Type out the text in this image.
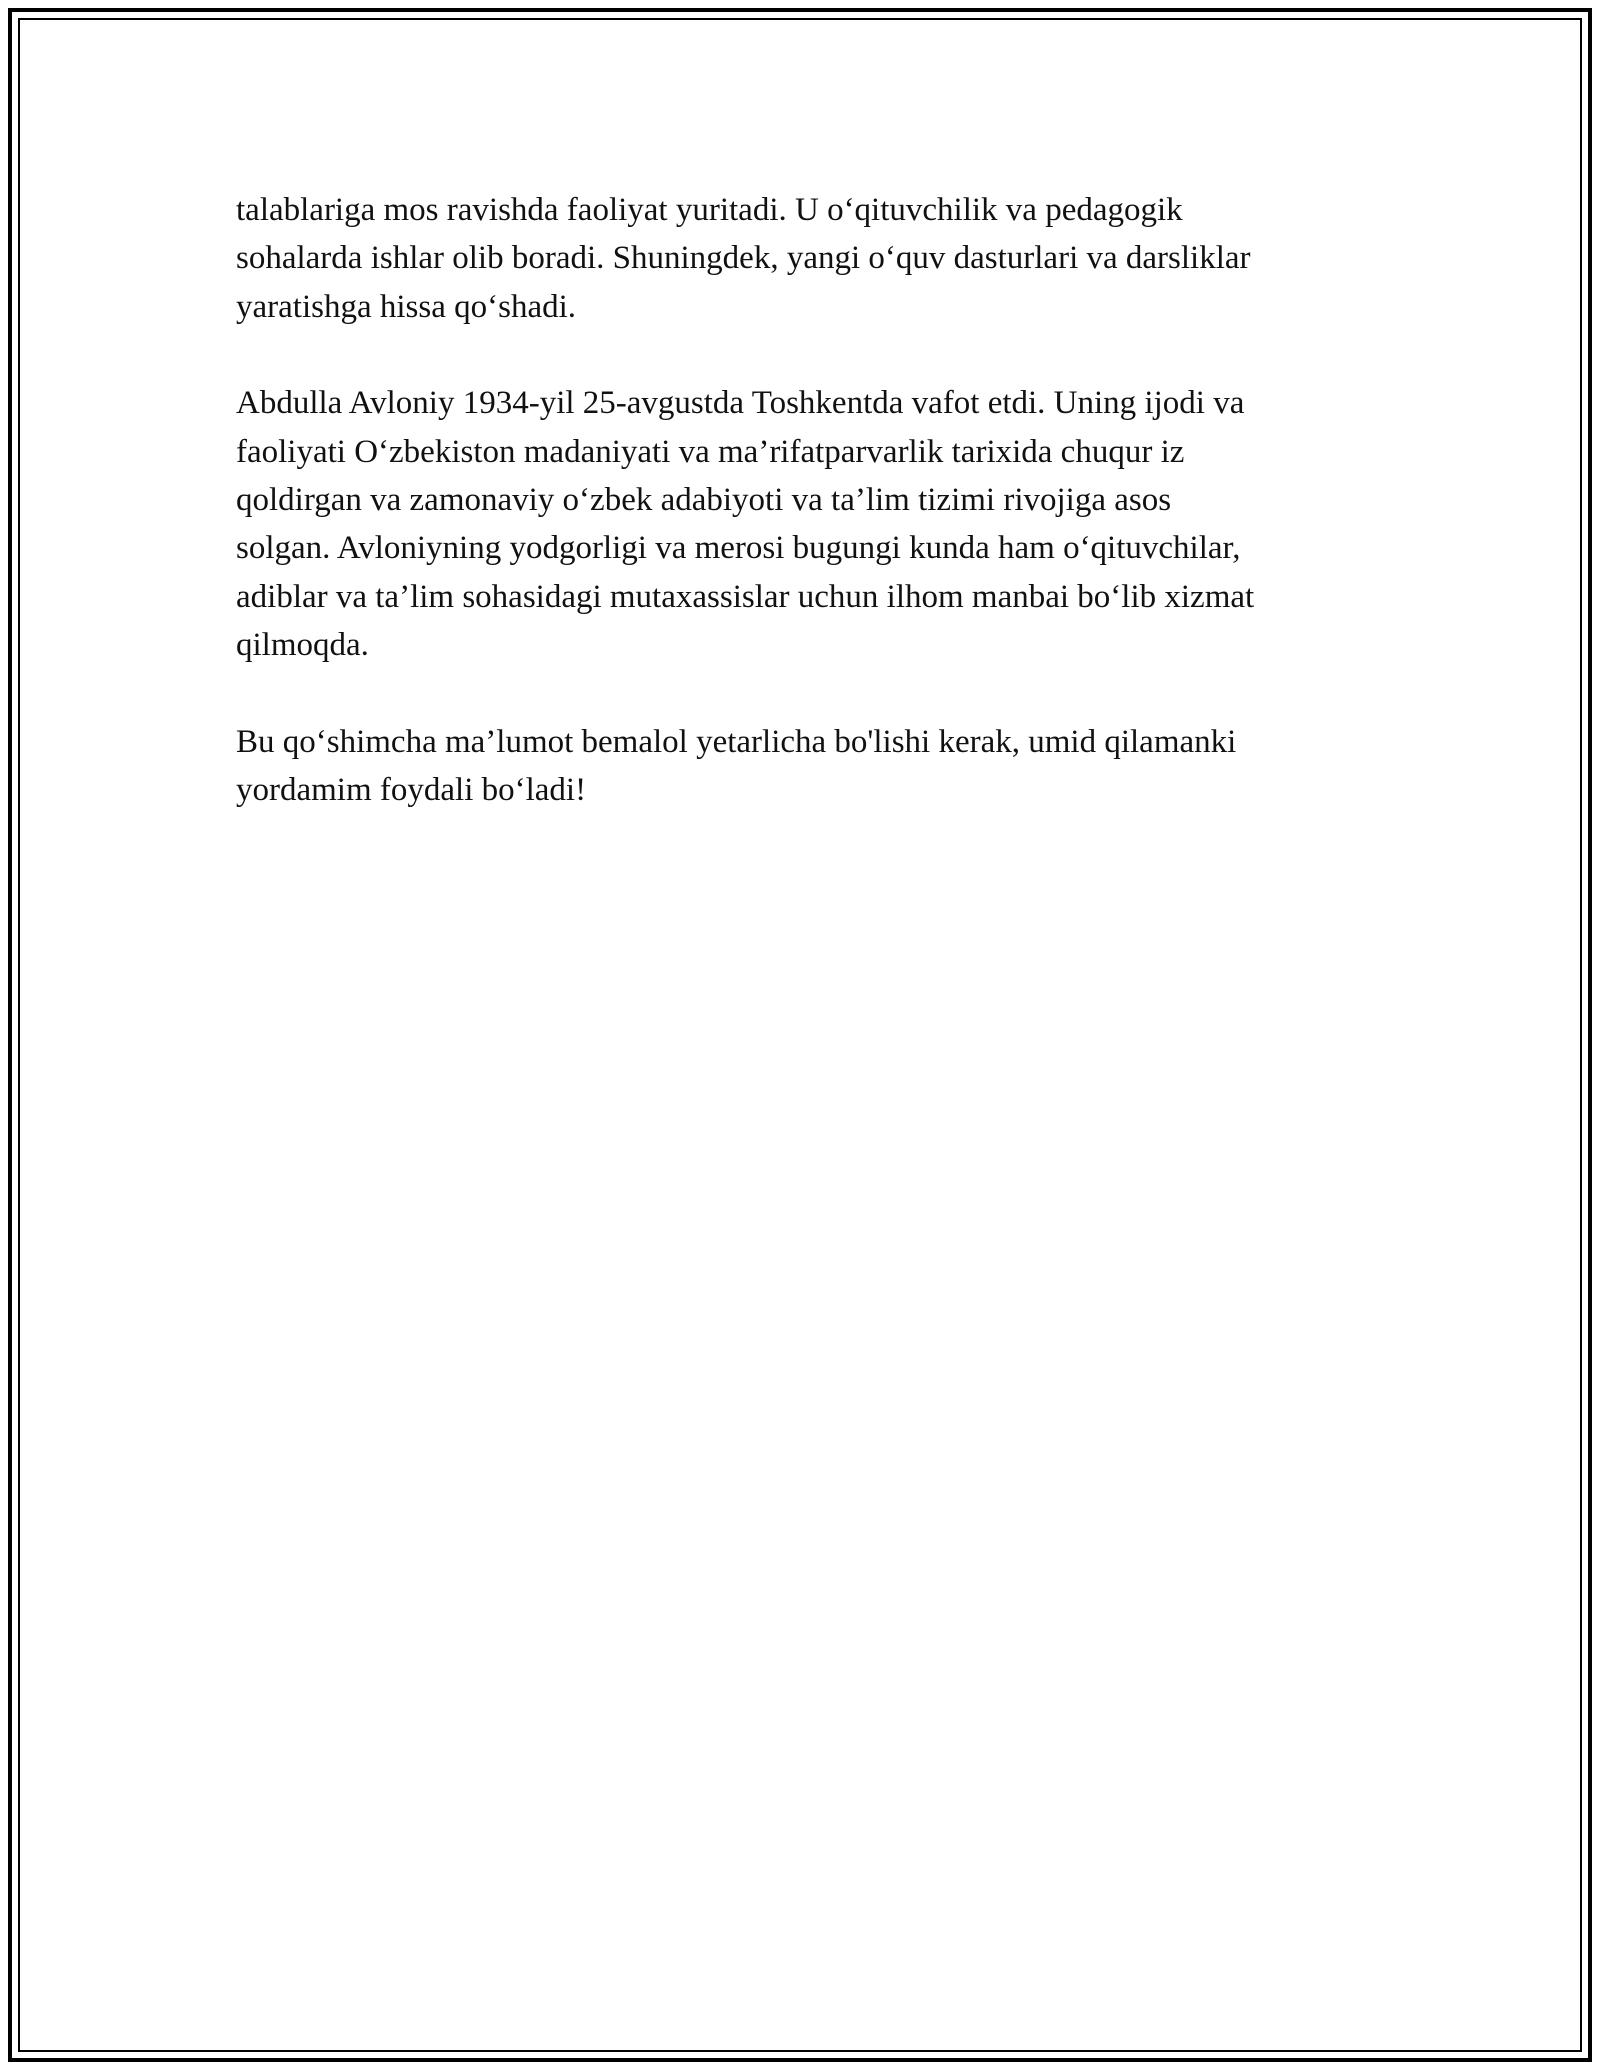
talablariga mos ravishda faoliyat yuritadi. U o‘qituvchilik va pedagogik
sohalarda ishlar olib boradi. Shuningdek, yangi o‘quv dasturlari va darsliklar
yaratishga hissa qo‘shadi.

Abdulla Avloniy 1934-yil 25-avgustda Toshkentda vafot etdi. Uning ijodi va
faoliyati O‘zbekiston madaniyati va ma’rifatparvarlik tarixida chuqur iz
qoldirgan va zamonaviy o‘zbek adabiyoti va ta’lim tizimi rivojiga asos
solgan. Avloniyning yodgorligi va merosi bugungi kunda ham o‘qituvchilar,
adiblar va ta’lim sohasidagi mutaxassislar uchun ilhom manbai bo‘lib xizmat
qilmoqda.

Bu qo‘shimcha ma’lumot bemalol yetarlicha bo'lishi kerak, umid qilamanki
yordamim foydali bo‘ladi!
